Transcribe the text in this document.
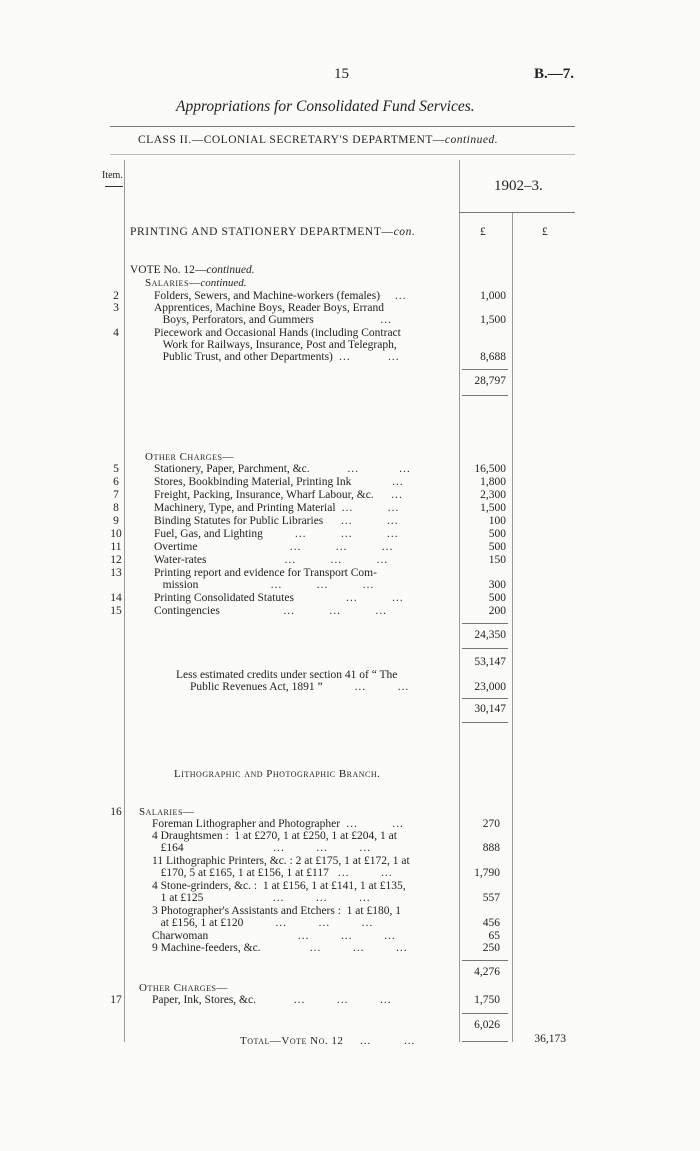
15	B.—7.
Appropriations for Consolidated Fund Services.
CLASS II.—COLONIAL SECRETARY'S DEPARTMENT—continued.
Item.
1902–3.
PRINTING AND STATIONERY DEPARTMENT—con.	£	£
VOTE No. 12—continued.
Salaries—continued.
2	Folders, Sewers, and Machine-workers (females)     …	1,000
3	Apprentices, Machine Boys, Reader Boys, Errand
Boys, Perforators, and Gummers                       …	1,500
4	Piecework and Occasional Hands (including Contract
Work for Railways, Insurance, Post and Telegraph,
Public Trust, and other Departments)  …             …	8,688
28,797
Other Charges—
5	Stationery, Paper, Parchment, &c.             …              …	16,500
6	Stores, Bookbinding Material, Printing Ink              …	1,800
7	Freight, Packing, Insurance, Wharf Labour, &c.      …	2,300
8	Machinery, Type, and Printing Material  …            …	1,500
9	Binding Statutes for Public Libraries      …            …	100
10	Fuel, Gas, and Lighting           …            …            …	500
11	Overtime                                …            …            …	500
12	Water-rates                           …            …            …	150
13	Printing report and evidence for Transport Com-
mission                         …            …            …	300
14	Printing Consolidated Statutes                  …            …	500
15	Contingencies                      …            …            …	200
24,350
53,147
Less estimated credits under section 41 of “ The
Public Revenues Act, 1891 ”           …           …	23,000
30,147
Lithographic and Photographic Branch.
16	Salaries—
Foreman Lithographer and Photographer  …            …	270
4 Draughtsmen :  1 at £270, 1 at £250, 1 at £204, 1 at
£164                               …           …           …	888
11 Lithographic Printers, &c. : 2 at £175, 1 at £172, 1 at
£170, 5 at £165, 1 at £156, 1 at £117   …           …	1,790
4 Stone-grinders, &c. :  1 at £156, 1 at £141, 1 at £135,
1 at £125                        …           …           …	557
3 Photographer's Assistants and Etchers :  1 at £180, 1
at £156, 1 at £120           …           …           …	456
Charwoman                               …           …           …	65
9 Machine-feeders, &c.                 …           …           …	250
4,276
Other Charges—
17	Paper, Ink, Stores, &c.             …           …           …	1,750
6,026
Total—Vote No. 12     …          …	36,173
